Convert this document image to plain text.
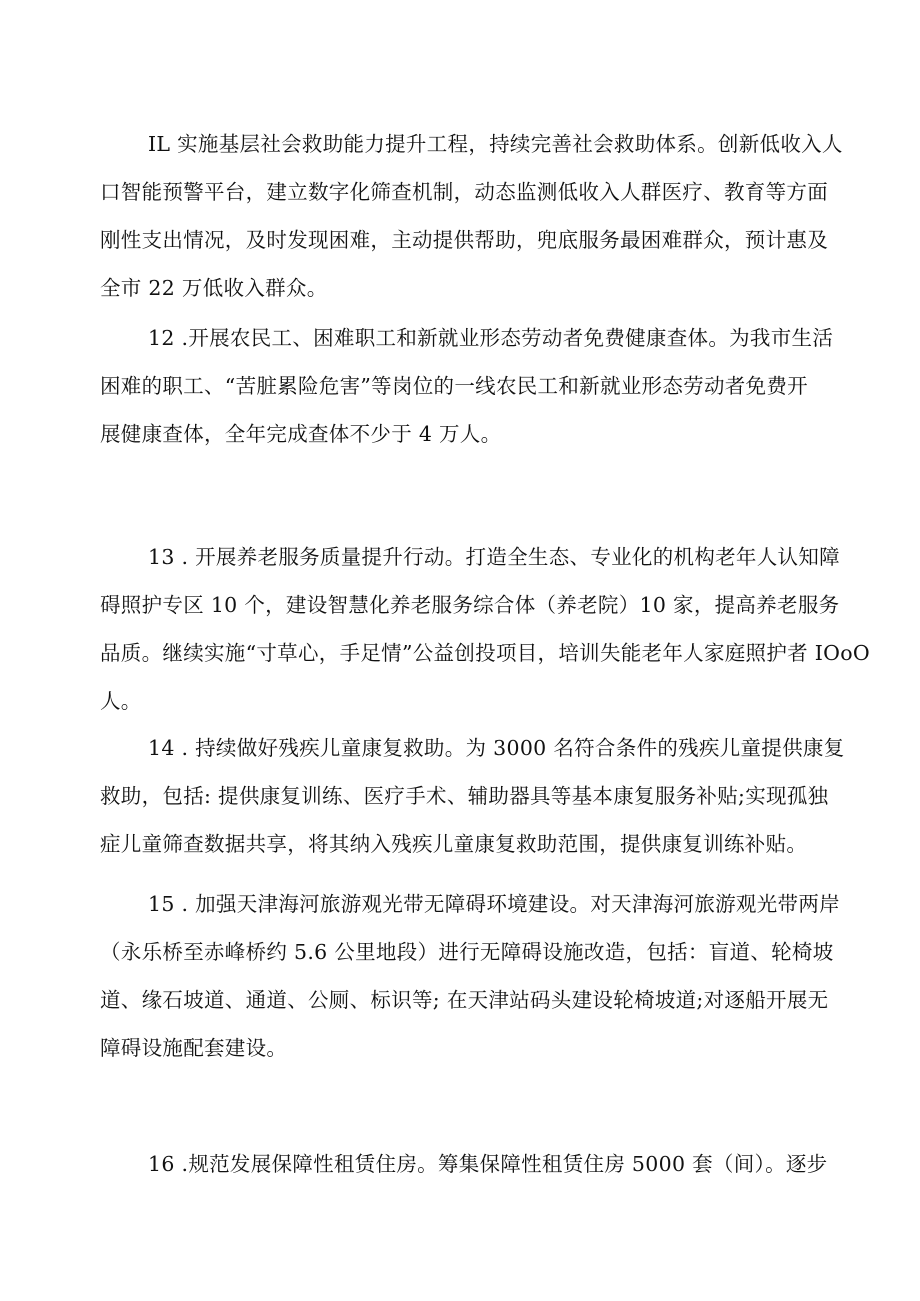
IL 实施基层社会救助能力提升工程，持续完善社会救助体系。创新低收入人
口智能预警平台，建立数字化筛查机制，动态监测低收入人群医疗、教育等方面
刚性支出情况，及时发现困难，主动提供帮助，兜底服务最困难群众，预计惠及
全市 22 万低收入群众。
12 .开展农民工、困难职工和新就业形态劳动者免费健康查体。为我市生活
困难的职工、“苦脏累险危害”等岗位的一线农民工和新就业形态劳动者免费开
展健康查体，全年完成查体不少于 4 万人。
13 . 开展养老服务质量提升行动。打造全生态、专业化的机构老年人认知障
碍照护专区 10 个，建设智慧化养老服务综合体（养老院）10 家，提高养老服务
品质。继续实施“寸草心，手足情”公益创投项目，培训失能老年人家庭照护者 IOoO
人。
14 . 持续做好残疾儿童康复救助。为 3000 名符合条件的残疾儿童提供康复
救助，包括: 提供康复训练、医疗手术、辅助器具等基本康复服务补贴;实现孤独
症儿童筛查数据共享，将其纳入残疾儿童康复救助范围，提供康复训练补贴。
15 . 加强天津海河旅游观光带无障碍环境建设。对天津海河旅游观光带两岸
（永乐桥至赤峰桥约 5.6 公里地段）进行无障碍设施改造，包括：盲道、轮椅坡
道、缘石坡道、通道、公厕、标识等; 在天津站码头建设轮椅坡道;对逐船开展无
障碍设施配套建设。
16 .规范发展保障性租赁住房。筹集保障性租赁住房 5000 套（间）。逐步
